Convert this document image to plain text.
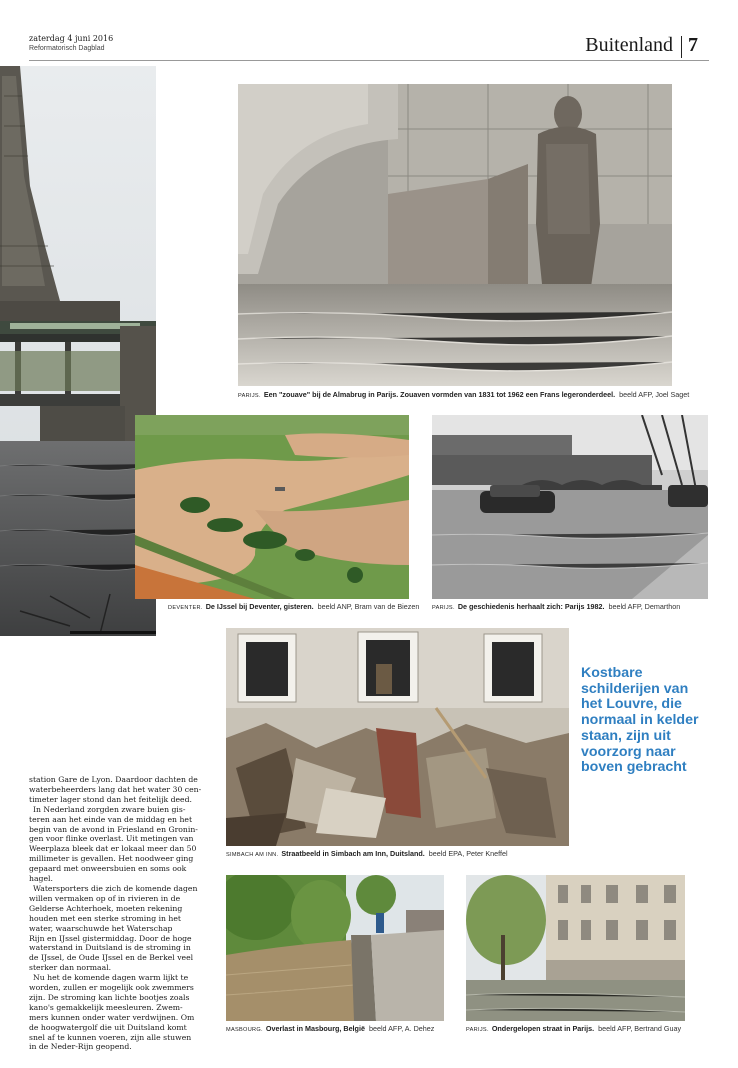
zaterdag 4 juni 2016
Reformatorisch Dagblad	Buitenland 7
PARIJS. Een "zouave" bij de Almabrug in Parijs. Zouaven vormden van 1831 tot 1962 een Frans legeronderdeel. beeld AFP, Joel Saget
DEVENTER. De IJssel bij Deventer, gisteren. beeld ANP, Bram van de Biezen PARIJS. De geschiedenis herhaalt zich: Parijs 1982. beeld AFP, Demarthon
SIMBACH AM INN. Straatbeeld in Simbach am Inn, Duitsland. beeld EPA, Peter Kneffel
Kostbare schilderijen van het Louvre, die normaal in kelder staan, zijn uit voorzorg naar boven gebracht
MASBOURG. Overlast in Masbourg, België beeld AFP, A. Dehez	PARIJS. Ondergelopen straat in Parijs. beeld AFP, Bertrand Guay
station Gare de Lyon. Daardoor dachten de
waterbeheerders lang dat het water 30 cen-
timeter lager stond dan het feitelijk deed.
In Nederland zorgden zware buien gis-
teren aan het einde van de middag en het
begin van de avond in Friesland en Gronin-
gen voor flinke overlast. Uit metingen van
Weerplaza bleek dat er lokaal meer dan 50
millimeter is gevallen. Het noodweer ging
gepaard met onweersbuien en soms ook
hagel.
Watersporters die zich de komende dagen
willen vermaken op of in rivieren in de
Gelderse Achterhoek, moeten rekening
houden met een sterke stroming in het
water, waarschuwde het Waterschap
Rijn en IJssel gistermiddag. Door de hoge
waterstand in Duitsland is de stroming in
de IJssel, de Oude IJssel en de Berkel veel
sterker dan normaal.
Nu het de komende dagen warm lijkt te
worden, zullen er mogelijk ook zwemmers
zijn. De stroming kan lichte bootjes zoals
kano's gemakkelijk meesleuren. Zwem-
mers kunnen onder water verdwijnen. Om
de hoogwatergolf die uit Duitsland komt
snel af te kunnen voeren, zijn alle stuwen
in de Neder-Rijn geopend.
